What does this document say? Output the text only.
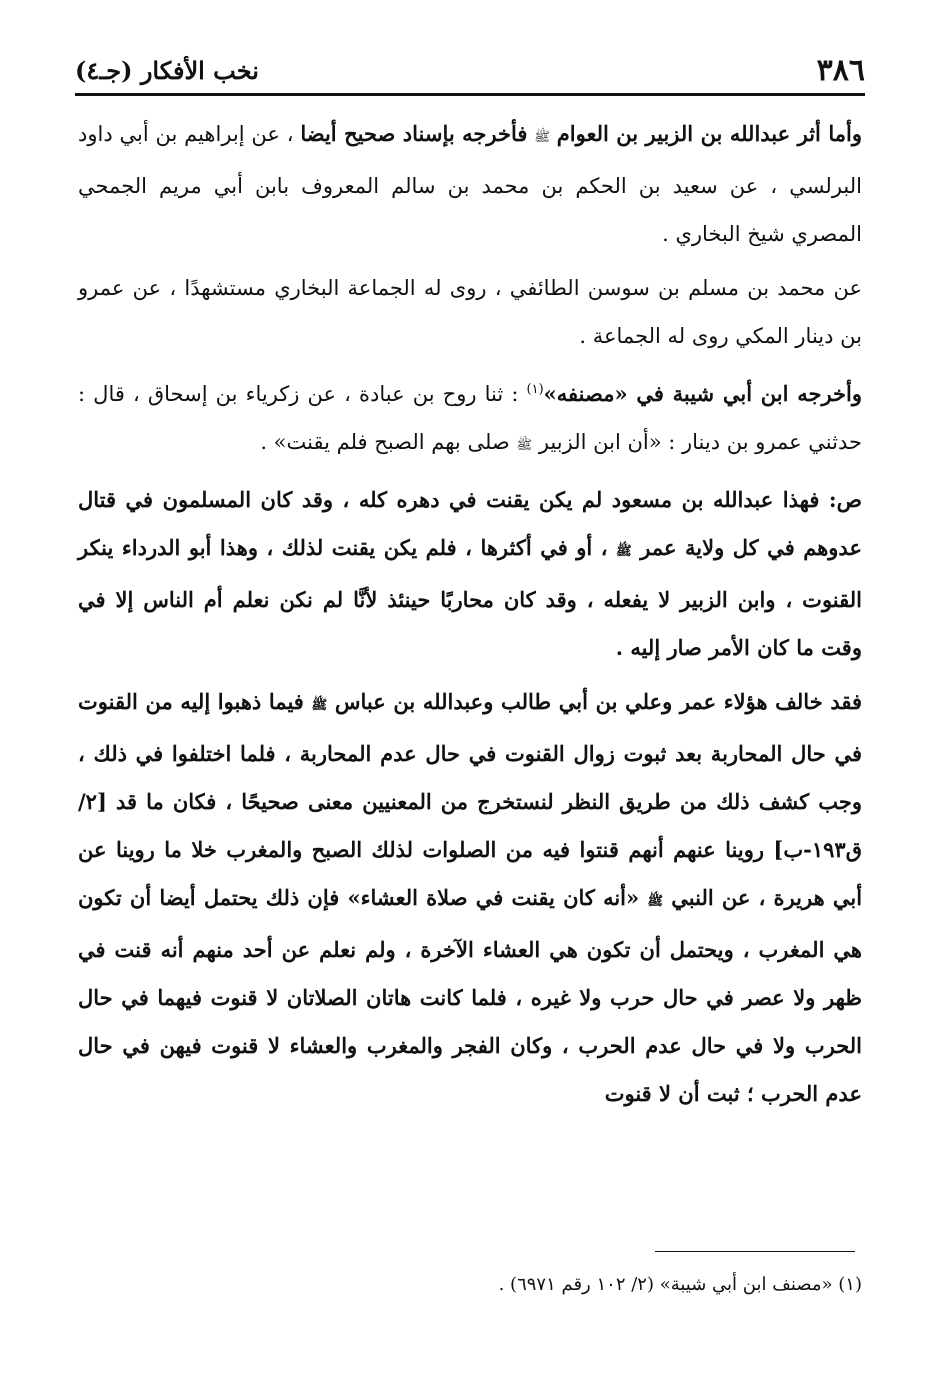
٣٨٦
نخب الأفكار (جـ٤)

وأما أثر عبدالله بن الزبير بن العوام ﷺ فأخرجه بإسناد صحيح أيضا ، عن إبراهيم بن أبي داود البرلسي ، عن سعيد بن الحكم بن محمد بن سالم المعروف بابن أبي مريم الجمحي المصري شيخ البخاري .

عن محمد بن مسلم بن سوسن الطائفي ، روى له الجماعة البخاري مستشهدًا ، عن عمرو بن دينار المكي روى له الجماعة .

وأخرجه ابن أبي شيبة في «مصنفه»$^{(١)}$ : ثنا روح بن عبادة ، عن زكرياء بن إسحاق ، قال : حدثني عمرو بن دينار : «أن ابن الزبير ﷺ صلى بهم الصبح فلم يقنت» .

ص: فهذا عبدالله بن مسعود لم يكن يقنت في دهره كله ، وقد كان المسلمون في قتال عدوهم في كل ولاية عمر ﷺ ، أو في أكثرها ، فلم يكن يقنت لذلك ، وهذا أبو الدرداء ينكر القنوت ، وابن الزبير لا يفعله ، وقد كان محاربًا حينئذ لأنَّا لم نكن نعلم أم الناس إلا في وقت ما كان الأمر صار إليه .

فقد خالف هؤلاء عمر وعلي بن أبي طالب وعبدالله بن عباس ﷺ فيما ذهبوا إليه من القنوت في حال المحاربة بعد ثبوت زوال القنوت في حال عدم المحاربة ، فلما اختلفوا في ذلك ، وجب كشف ذلك من طريق النظر لنستخرج من المعنيين معنى صحيحًا ، فكان ما قد [٢/ ق١٩٣-ب] روينا عنهم أنهم قنتوا فيه من الصلوات لذلك الصبح والمغرب خلا ما روينا عن أبي هريرة ، عن النبي ﷺ «أنه كان يقنت في صلاة العشاء» فإن ذلك يحتمل أيضا أن تكون هي المغرب ، ويحتمل أن تكون هي العشاء الآخرة ، ولم نعلم عن أحد منهم أنه قنت في ظهر ولا عصر في حال حرب ولا غيره ، فلما كانت هاتان الصلاتان لا قنوت فيهما في حال الحرب ولا في حال عدم الحرب ، وكان الفجر والمغرب والعشاء لا قنوت فيهن في حال عدم الحرب ؛ ثبت أن لا قنوت

(١) «مصنف ابن أبي شيبة» (٢/ ١٠٢ رقم ٦٩٧١) .
